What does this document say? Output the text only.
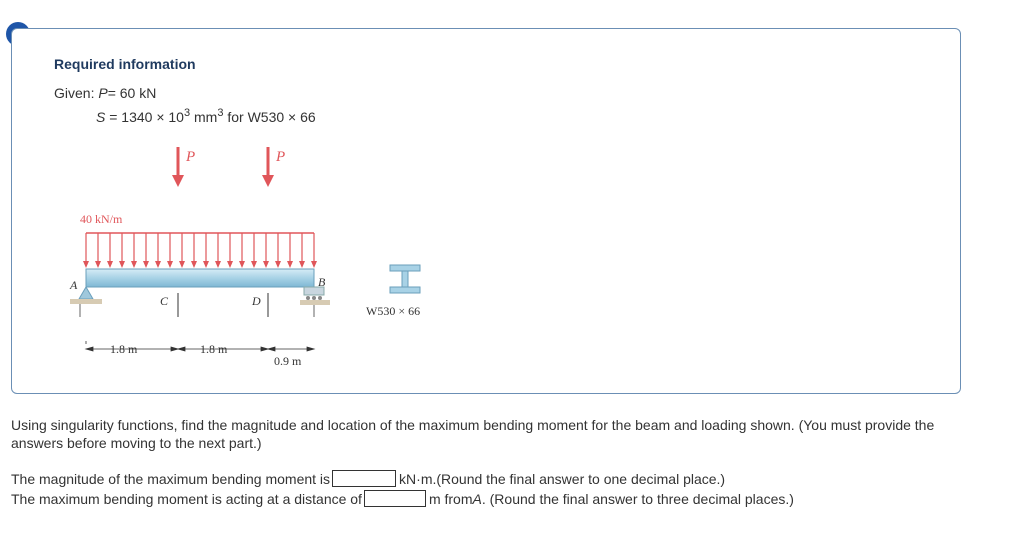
Required information
Given: P= 60 kN
$S = 1340 \times 10^3$ $mm^3$ for W530 × 66
P	P
40 kN/m
A	B
C	D
1.8 m	1.8 m
0.9 m
W530 × 66

Using singularity functions, find the magnitude and location of the maximum bending moment for the beam and loading shown. (You must provide the answers before moving to the next part.)

The magnitude of the maximum bending moment is	kN·m. (Round the final answer to one decimal place.)
The maximum bending moment is acting at a distance of	m from A . (Round the final answer to three decimal places.)
